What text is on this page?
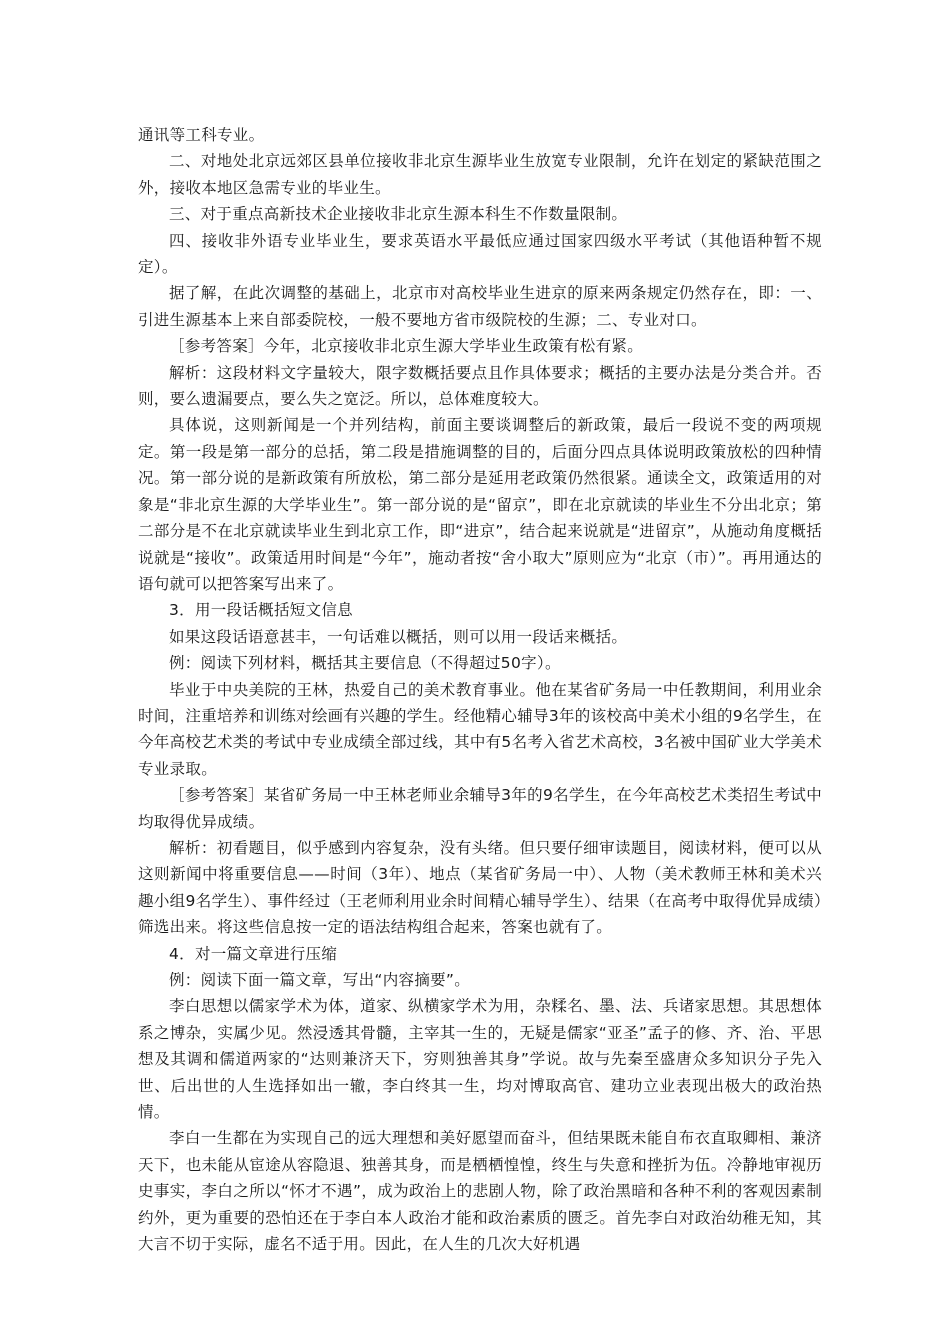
通讯等工科专业。

二、对地处北京远郊区县单位接收非北京生源毕业生放宽专业限制，允许在划定的紧缺范围之外，接收本地区急需专业的毕业生。

三、对于重点高新技术企业接收非北京生源本科生不作数量限制。

四、接收非外语专业毕业生，要求英语水平最低应通过国家四级水平考试（其他语种暂不规定）。

据了解，在此次调整的基础上，北京市对高校毕业生进京的原来两条规定仍然存在，即：一、引进生源基本上来自部委院校，一般不要地方省市级院校的生源；二、专业对口。

［参考答案］今年，北京接收非北京生源大学毕业生政策有松有紧。

解析：这段材料文字量较大，限字数概括要点且作具体要求；概括的主要办法是分类合并。否则，要么遗漏要点，要么失之宽泛。所以，总体难度较大。

具体说，这则新闻是一个并列结构，前面主要谈调整后的新政策，最后一段说不变的两项规定。第一段是第一部分的总括，第二段是措施调整的目的，后面分四点具体说明政策放松的四种情况。第一部分说的是新政策有所放松，第二部分是延用老政策仍然很紧。通读全文，政策适用的对象是“非北京生源的大学毕业生”。第一部分说的是“留京”，即在北京就读的毕业生不分出北京；第二部分是不在北京就读毕业生到北京工作，即“进京”，结合起来说就是“进留京”，从施动角度概括说就是“接收”。政策适用时间是“今年”，施动者按“舍小取大”原则应为“北京（市）”。再用通达的语句就可以把答案写出来了。

3．用一段话概括短文信息

如果这段话语意甚丰，一句话难以概括，则可以用一段话来概括。

例：阅读下列材料，概括其主要信息（不得超过50字）。

毕业于中央美院的王林，热爱自己的美术教育事业。他在某省矿务局一中任教期间，利用业余时间，注重培养和训练对绘画有兴趣的学生。经他精心辅导3年的该校高中美术小组的9名学生，在今年高校艺术类的考试中专业成绩全部过线，其中有5名考入省艺术高校，3名被中国矿业大学美术专业录取。

［参考答案］某省矿务局一中王林老师业余辅导3年的9名学生，在今年高校艺术类招生考试中均取得优异成绩。

解析：初看题目，似乎感到内容复杂，没有头绪。但只要仔细审读题目，阅读材料，便可以从这则新闻中将重要信息——时间（3年）、地点（某省矿务局一中）、人物（美术教师王林和美术兴趣小组9名学生）、事件经过（王老师利用业余时间精心辅导学生）、结果（在高考中取得优异成绩）筛选出来。将这些信息按一定的语法结构组合起来，答案也就有了。

4．对一篇文章进行压缩

例：阅读下面一篇文章，写出“内容摘要”。

李白思想以儒家学术为体，道家、纵横家学术为用，杂糅名、墨、法、兵诸家思想。其思想体系之博杂，实属少见。然浸透其骨髓，主宰其一生的，无疑是儒家“亚圣”孟子的修、齐、治、平思想及其调和儒道两家的“达则兼济天下，穷则独善其身”学说。故与先秦至盛唐众多知识分子先入世、后出世的人生选择如出一辙，李白终其一生，均对博取高官、建功立业表现出极大的政治热情。

李白一生都在为实现自己的远大理想和美好愿望而奋斗，但结果既未能自布衣直取卿相、兼济天下，也未能从宦途从容隐退、独善其身，而是栖栖惶惶，终生与失意和挫折为伍。冷静地审视历史事实，李白之所以“怀才不遇”，成为政治上的悲剧人物，除了政治黑暗和各种不利的客观因素制约外，更为重要的恐怕还在于李白本人政治才能和政治素质的匮乏。首先李白对政治幼稚无知，其大言不切于实际，虚名不适于用。因此，在人生的几次大好机遇
